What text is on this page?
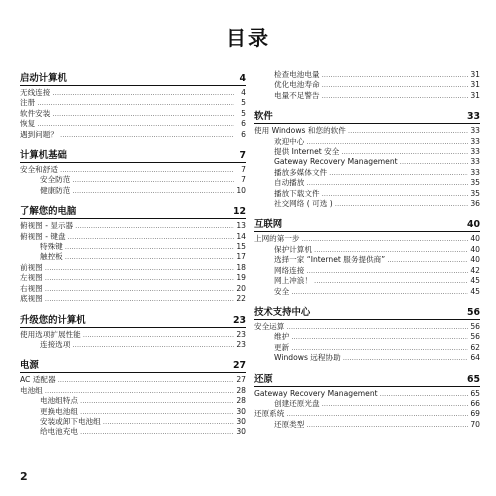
目录
启动计算机	4
无线连接 .....	4
注册 .....	5
软件安装 .....	5
恢复 .....	6
遇到问题？ .....	6
计算机基础	7
安全和舒适 .....	7
安全防范 .....	7
健康防范 .....	10
了解您的电脑	12
俯视图 - 显示器 .....	13
俯视图 - 键盘 .....	14
特殊键 .....	15
触控板 .....	17
前视图 .....	18
左视图 .....	19
右视图 .....	20
底视图 .....	22
升级您的计算机	23
使用选项扩展性能 .....	23
连接选项 .....	23
电源	27
AC 适配器 .....	27
电池组 .....	28
电池组特点 .....	28
更换电池组 .....	30
安装或卸下电池组 .....	30
给电池充电 .....	30
检查电池电量 .....	31
优化电池寿命 .....	31
电量不足警告 .....	31
软件	33
使用 Windows 和您的软件 .....	33
欢迎中心 .....	33
提供 Internet 安全 .....	33
Gateway Recovery Management .....	33
播放多媒体文件 .....	33
自动播放 .....	35
播放下载文件 .....	35
社交网络 ( 可选 ) .....	36
互联网	40
上网的第一步 .....	40
保护计算机 .....	40
选择一家 “Internet 服务提供商” .....	40
网络连接 .....	42
网上冲浪！ .....	45
安全 .....	45
技术支持中心	56
安全运算 .....	56
维护 .....	56
更新 .....	62
Windows 远程协助 .....	64
还原	65
Gateway Recovery Management .....	65
创建还原光盘 .....	66
还原系统 .....	69
还原类型 .....	70
2
